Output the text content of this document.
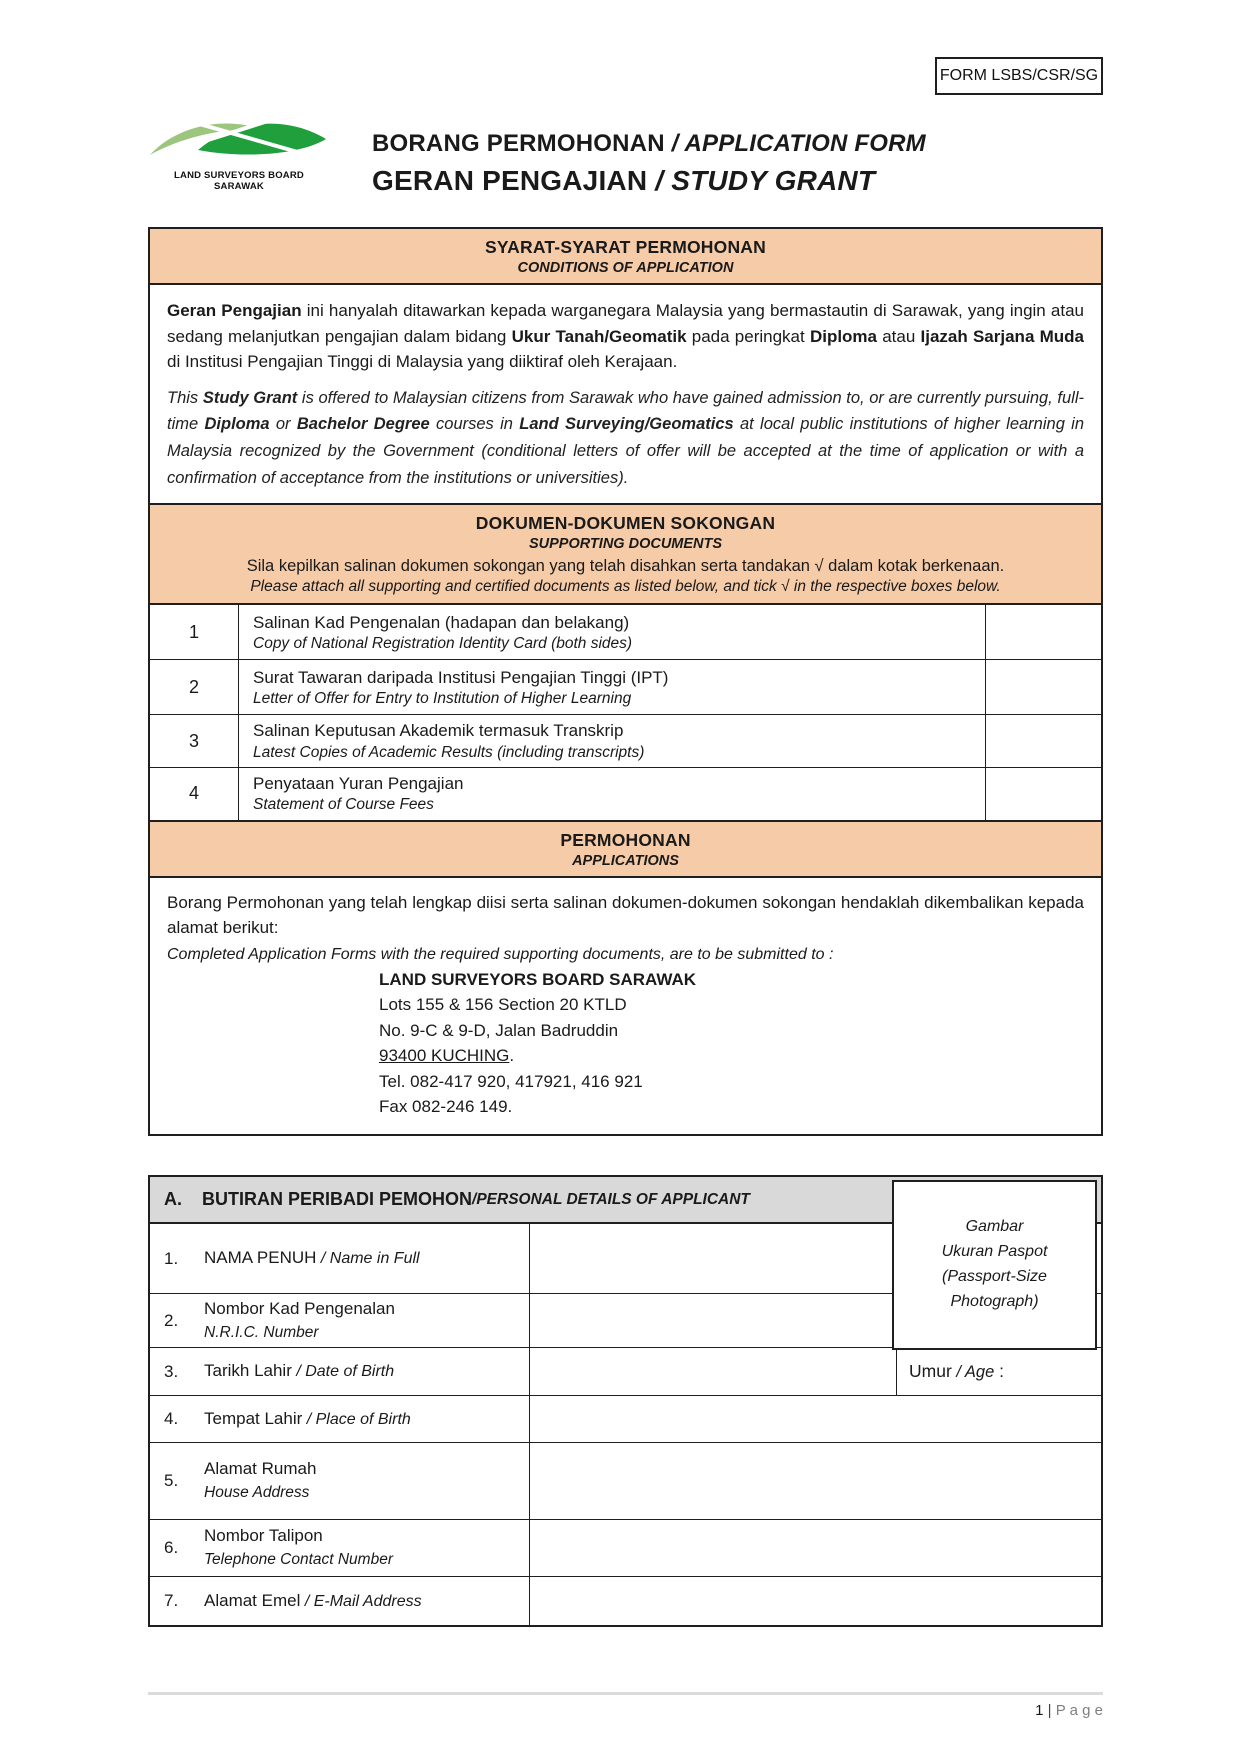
FORM LSBS/CSR/SG
LAND SURVEYORS BOARD SARAWAK
BORANG PERMOHONAN / APPLICATION FORM
GERAN PENGAJIAN / STUDY GRANT
SYARAT-SYARAT PERMOHONAN
CONDITIONS OF APPLICATION

Geran Pengajian ini hanyalah ditawarkan kepada warganegara Malaysia yang bermastautin di Sarawak, yang ingin atau sedang melanjutkan pengajian dalam bidang Ukur Tanah/Geomatik pada peringkat Diploma atau Ijazah Sarjana Muda di Institusi Pengajian Tinggi di Malaysia yang diiktiraf oleh Kerajaan.

This Study Grant is offered to Malaysian citizens from Sarawak who have gained admission to, or are currently pursuing, full-time Diploma or Bachelor Degree courses in Land Surveying/Geomatics at local public institutions of higher learning in Malaysia recognized by the Government (conditional letters of offer will be accepted at the time of application or with a confirmation of acceptance from the institutions or universities).

DOKUMEN-DOKUMEN SOKONGAN
SUPPORTING DOCUMENTS
Sila kepilkan salinan dokumen sokongan yang telah disahkan serta tandakan √ dalam kotak berkenaan.
Please attach all supporting and certified documents as listed below, and tick √ in the respective boxes below.
1	Salinan Kad Pengenalan (hadapan dan belakang)
Copy of National Registration Identity Card (both sides)
2	Surat Tawaran daripada Institusi Pengajian Tinggi (IPT)
Letter of Offer for Entry to Institution of Higher Learning
3	Salinan Keputusan Akademik termasuk Transkrip
Latest Copies of Academic Results (including transcripts)
4	Penyataan Yuran Pengajian
Statement of Course Fees
PERMOHONAN
APPLICATIONS

Borang Permohonan yang telah lengkap diisi serta salinan dokumen-dokumen sokongan hendaklah dikembalikan kepada alamat berikut:

Completed Application Forms with the required supporting documents, are to be submitted to :

LAND SURVEYORS BOARD SARAWAK
Lots 155 & 156 Section 20 KTLD
No. 9-C & 9-D, Jalan Badruddin
93400 KUCHING.
Tel. 082-417 920, 417921, 416 921
Fax 082-246 149.
A.	BUTIRAN PERIBADI PEMOHON / PERSONAL DETAILS OF APPLICANT
1.	NAMA PENUH / Name in Full
2.
Nombor Kad Pengenalan
N.R.I.C. Number
3.	Tarikh Lahir / Date of Birth	Umur / Age :
4.	Tempat Lahir / Place of Birth
5.
Alamat Rumah
House Address
6.
Nombor Talipon
Telephone Contact Number
7.	Alamat Emel / E-Mail Address
Gambar
Ukuran Paspot
(Passport-Size
Photograph)
1 | P a g e
